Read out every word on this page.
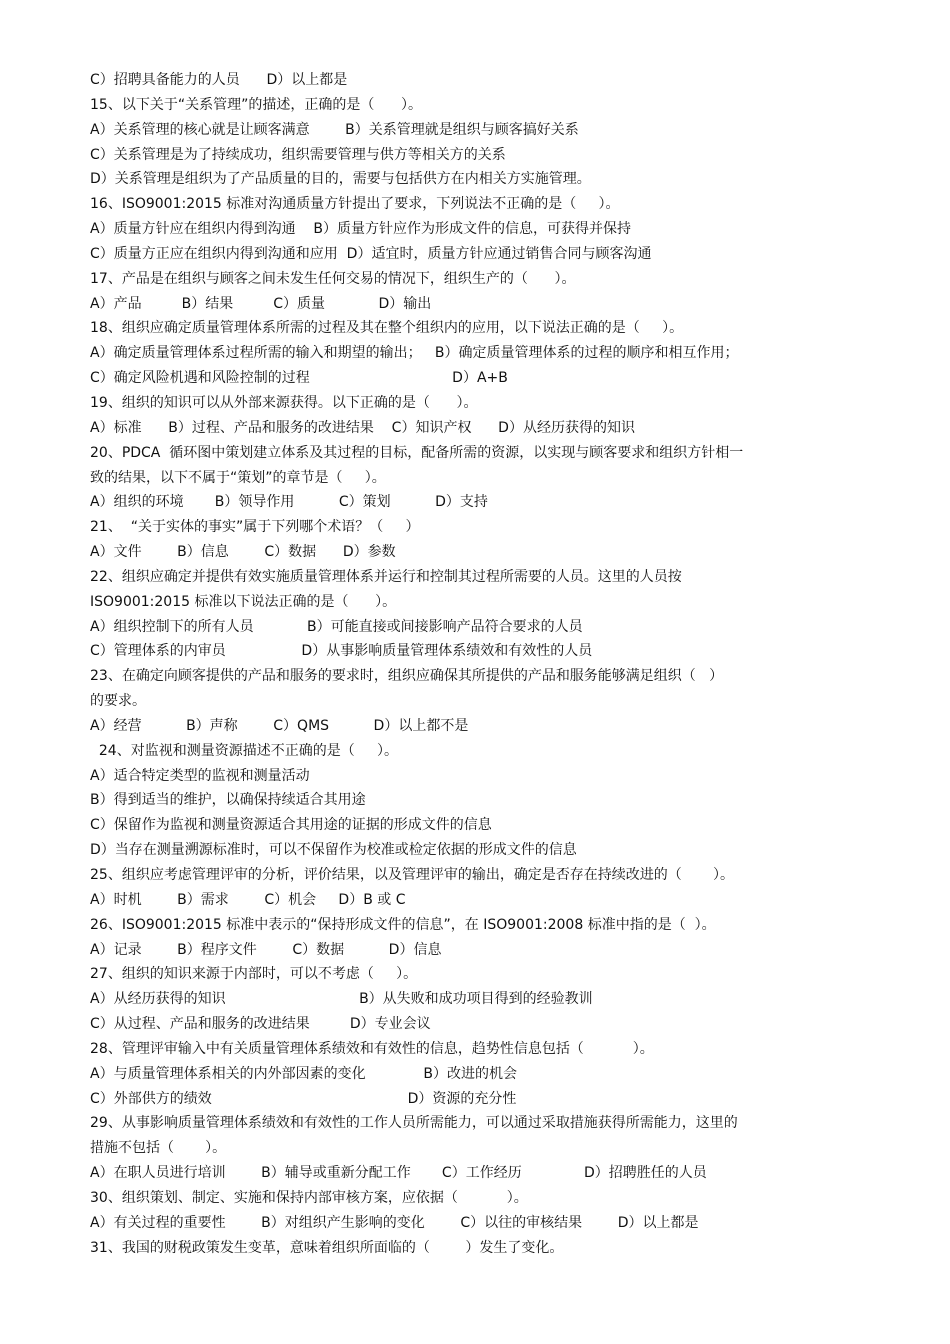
C）招聘具备能力的人员      D）以上都是
15、以下关于“关系管理”的描述，正确的是（      ）。
A）关系管理的核心就是让顾客满意        B）关系管理就是组织与顾客搞好关系
C）关系管理是为了持续成功，组织需要管理与供方等相关方的关系
D）关系管理是组织为了产品质量的目的，需要与包括供方在内相关方实施管理。
16、ISO9001:2015 标准对沟通质量方针提出了要求，下列说法不正确的是（     ）。
A）质量方针应在组织内得到沟通    B）质量方针应作为形成文件的信息，可获得并保持
C）质量方正应在组织内得到沟通和应用  D）适宜时，质量方针应通过销售合同与顾客沟通
17、产品是在组织与顾客之间未发生任何交易的情况下，组织生产的（      ）。
A）产品         B）结果         C）质量            D）输出
18、组织应确定质量管理体系所需的过程及其在整个组织内的应用，以下说法正确的是（     ）。
A）确定质量管理体系过程所需的输入和期望的输出；   B）确定质量管理体系的过程的顺序和相互作用；
C）确定风险机遇和风险控制的过程                                D）A+B
19、组织的知识可以从外部来源获得。以下正确的是（      ）。
A）标准      B）过程、产品和服务的改进结果    C）知识产权      D）从经历获得的知识
20、PDCA  循环图中策划建立体系及其过程的目标，配备所需的资源，以实现与顾客要求和组织方针相一
致的结果，以下不属于“策划”的章节是（     ）。
A）组织的环境       B）领导作用          C）策划          D）支持
21、  “关于实体的事实”属于下列哪个术语？（     ）
A）文件        B）信息        C）数据      D）参数
22、组织应确定并提供有效实施质量管理体系并运行和控制其过程所需要的人员。这里的人员按
ISO9001:2015 标准以下说法正确的是（      ）。
A）组织控制下的所有人员            B）可能直接或间接影响产品符合要求的人员
C）管理体系的内审员                 D）从事影响质量管理体系绩效和有效性的人员
23、在确定向顾客提供的产品和服务的要求时，组织应确保其所提供的产品和服务能够满足组织（   ）
的要求。
A）经营          B）声称        C）QMS          D）以上都不是
24、对监视和测量资源描述不正确的是（     ）。
A）适合特定类型的监视和测量活动
B）得到适当的维护，以确保持续适合其用途
C）保留作为监视和测量资源适合其用途的证据的形成文件的信息
D）当存在测量溯源标准时，可以不保留作为校准或检定依据的形成文件的信息
25、组织应考虑管理评审的分析，评价结果，以及管理评审的输出，确定是否存在持续改进的（       ）。
A）时机        B）需求        C）机会     D）B 或 C
26、ISO9001:2015 标准中表示的“保持形成文件的信息”，在 ISO9001:2008 标准中指的是（  ）。
A）记录        B）程序文件        C）数据          D）信息
27、组织的知识来源于内部时，可以不考虑（     ）。
A）从经历获得的知识                              B）从失败和成功项目得到的经验教训
C）从过程、产品和服务的改进结果         D）专业会议
28、管理评审输入中有关质量管理体系绩效和有效性的信息，趋势性信息包括（           ）。
A）与质量管理体系相关的内外部因素的变化             B）改进的机会
C）外部供方的绩效                                            D）资源的充分性
29、从事影响质量管理体系绩效和有效性的工作人员所需能力，可以通过采取措施获得所需能力，这里的
措施不包括（       ）。
A）在职人员进行培训        B）辅导或重新分配工作       C）工作经历              D）招聘胜任的人员
30、组织策划、制定、实施和保持内部审核方案，应依据（           ）。
A）有关过程的重要性        B）对组织产生影响的变化        C）以往的审核结果        D）以上都是
31、我国的财税政策发生变革，意味着组织所面临的（        ）发生了变化。
